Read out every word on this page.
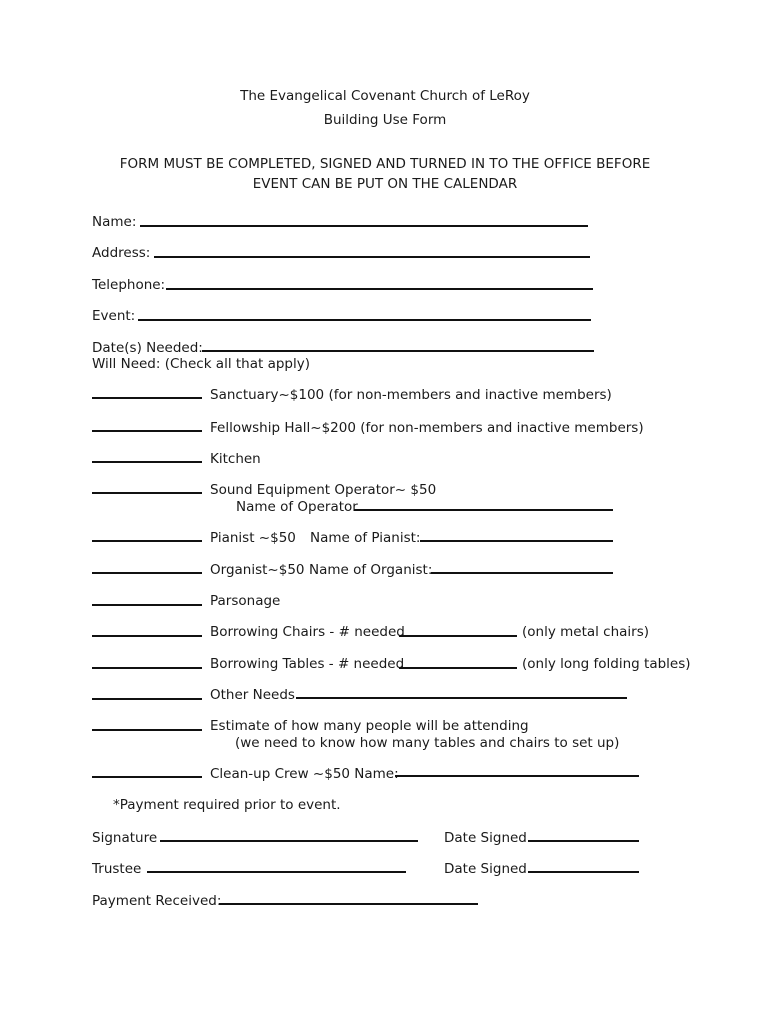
The Evangelical Covenant Church of LeRoy
Building Use Form
FORM MUST BE COMPLETED, SIGNED AND TURNED IN TO THE OFFICE BEFORE
EVENT CAN BE PUT ON THE CALENDAR
Name:
Address:
Telephone:
Event:
Date(s) Needed:
Will Need: (Check all that apply)
Sanctuary~$100 (for non-members and inactive members)
Fellowship Hall~$200 (for non-members and inactive members)
Kitchen
Sound Equipment Operator~ $50
Name of Operator
Pianist ~$50 Name of Pianist:
Organist~$50 Name of Organist:
Parsonage
Borrowing Chairs - # needed	(only metal chairs)
Borrowing Tables - # needed	(only long folding tables)
Other Needs
Estimate of how many people will be attending
(we need to know how many tables and chairs to set up)
Clean-up Crew ~$50 Name:
*Payment required prior to event.
Signature	Date Signed
Trustee	Date Signed
Payment Received:
